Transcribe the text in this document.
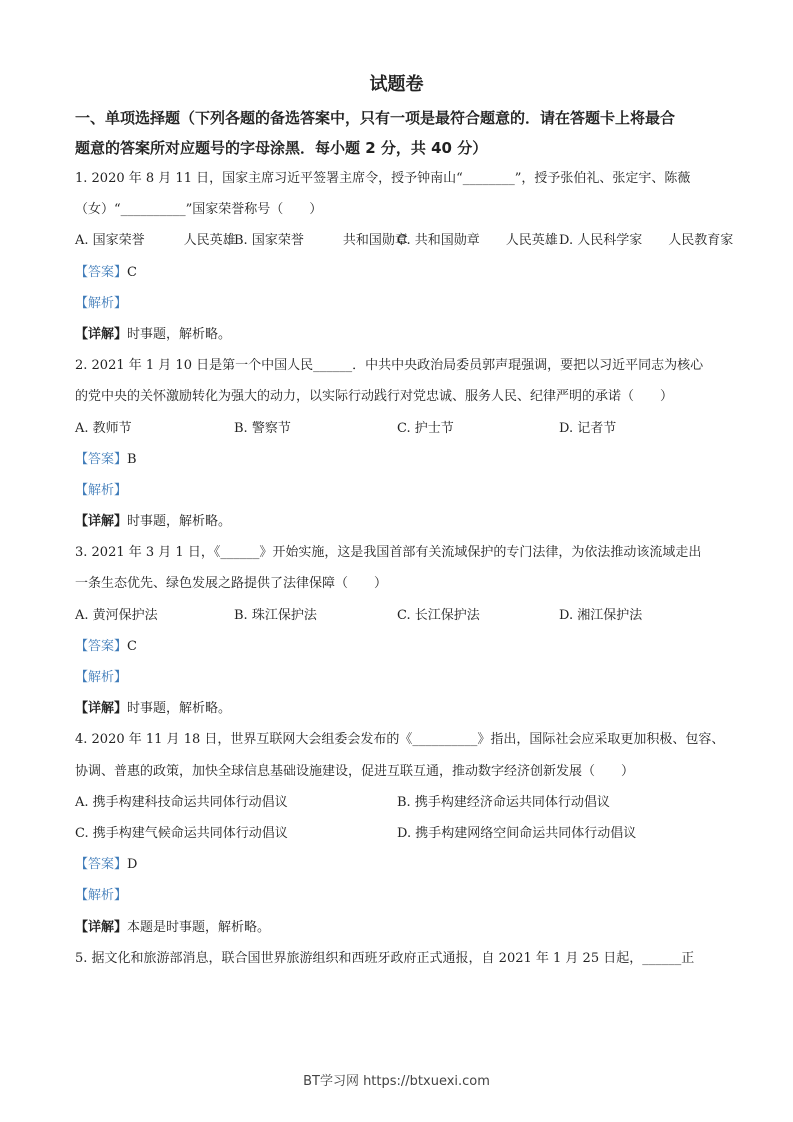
试题卷
一、单项选择题（下列各题的备选答案中，只有一项是最符合题意的．请在答题卡上将最合
题意的答案所对应题号的字母涂黑．每小题 2 分，共 40 分）
1. 2020 年 8 月 11 日，国家主席习近平签署主席令，授予钟南山“________”，授予张伯礼、张定宇、陈薇
（女）“__________”国家荣誉称号（　　）
A. 国家荣誉　　　人民英雄
B. 国家荣誉　　　共和国勋章
C. 共和国勋章　　人民英雄 D. 人民科学家　　人民教育家
【答案】C
【解析】
【详解】时事题，解析略。
2. 2021 年 1 月 10 日是第一个中国人民______．中共中央政治局委员郭声琨强调，要把以习近平同志为核心
的党中央的关怀激励转化为强大的动力，以实际行动践行对党忠诚、服务人民、纪律严明的承诺（　　）
A. 教师节	B. 警察节	C. 护士节	D. 记者节
【答案】B
【解析】
【详解】时事题，解析略。
3. 2021 年 3 月 1 日，《______》开始实施，这是我国首部有关流域保护的专门法律，为依法推动该流域走出
一条生态优先、绿色发展之路提供了法律保障（　　）
A. 黄河保护法	B. 珠江保护法	C. 长江保护法	D. 湘江保护法
【答案】C
【解析】
【详解】时事题，解析略。
4. 2020 年 11 月 18 日，世界互联网大会组委会发布的《__________》指出，国际社会应采取更加积极、包容、
协调、普惠的政策，加快全球信息基础设施建设，促进互联互通，推动数字经济创新发展（　　）
A. 携手构建科技命运共同体行动倡议	B. 携手构建经济命运共同体行动倡议
C. 携手构建气候命运共同体行动倡议	D. 携手构建网络空间命运共同体行动倡议
【答案】D
【解析】
【详解】本题是时事题，解析略。
5. 据文化和旅游部消息，联合国世界旅游组织和西班牙政府正式通报，自 2021 年 1 月 25 日起，______正
BT学习网 https://btxuexi.com
